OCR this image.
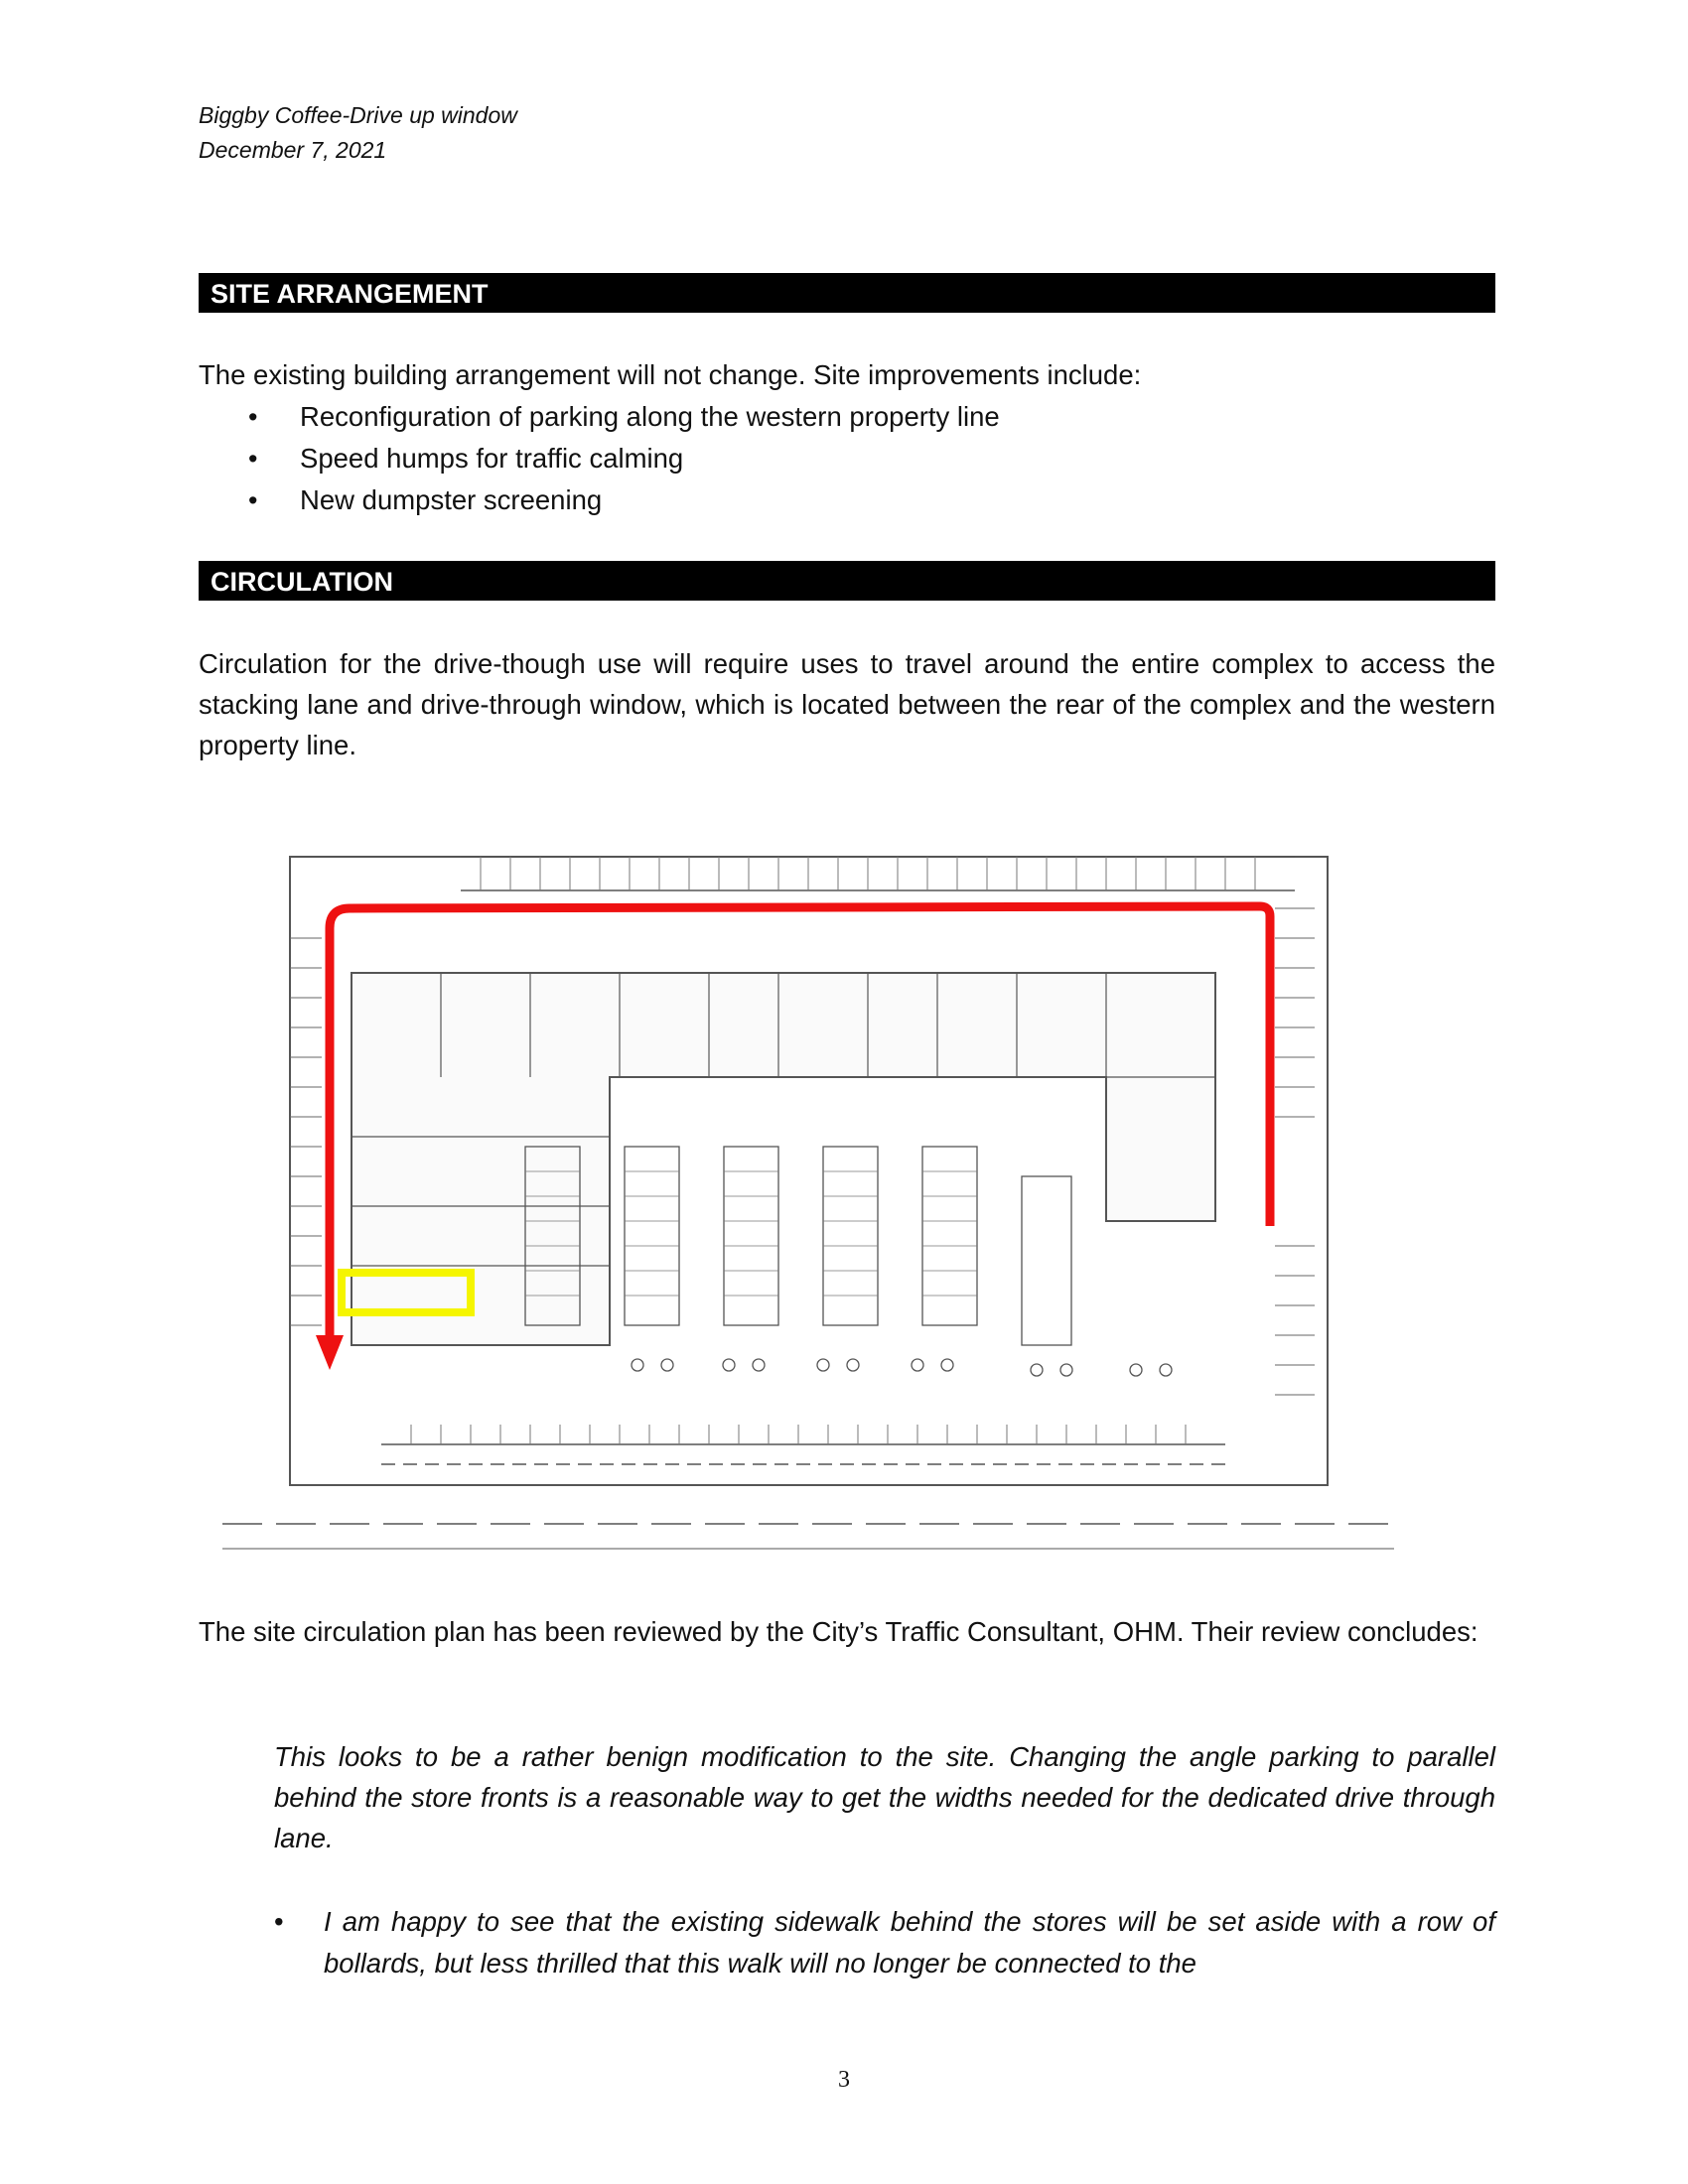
Biggby Coffee-Drive up window
December 7, 2021
SITE ARRANGEMENT
The existing building arrangement will not change. Site improvements include:
• Reconfiguration of parking along the western property line
• Speed humps for traffic calming
• New dumpster screening
CIRCULATION
Circulation for the drive-though use will require uses to travel around the entire complex to access the stacking lane and drive-through window, which is located between the rear of the complex and the western property line.
The site circulation plan has been reviewed by the City’s Traffic Consultant, OHM. Their review concludes:
This looks to be a rather benign modification to the site. Changing the angle parking to parallel behind the store fronts is a reasonable way to get the widths needed for the dedicated drive through lane.
• I am happy to see that the existing sidewalk behind the stores will be set aside with a row of bollards, but less thrilled that this walk will no longer be connected to the
3
